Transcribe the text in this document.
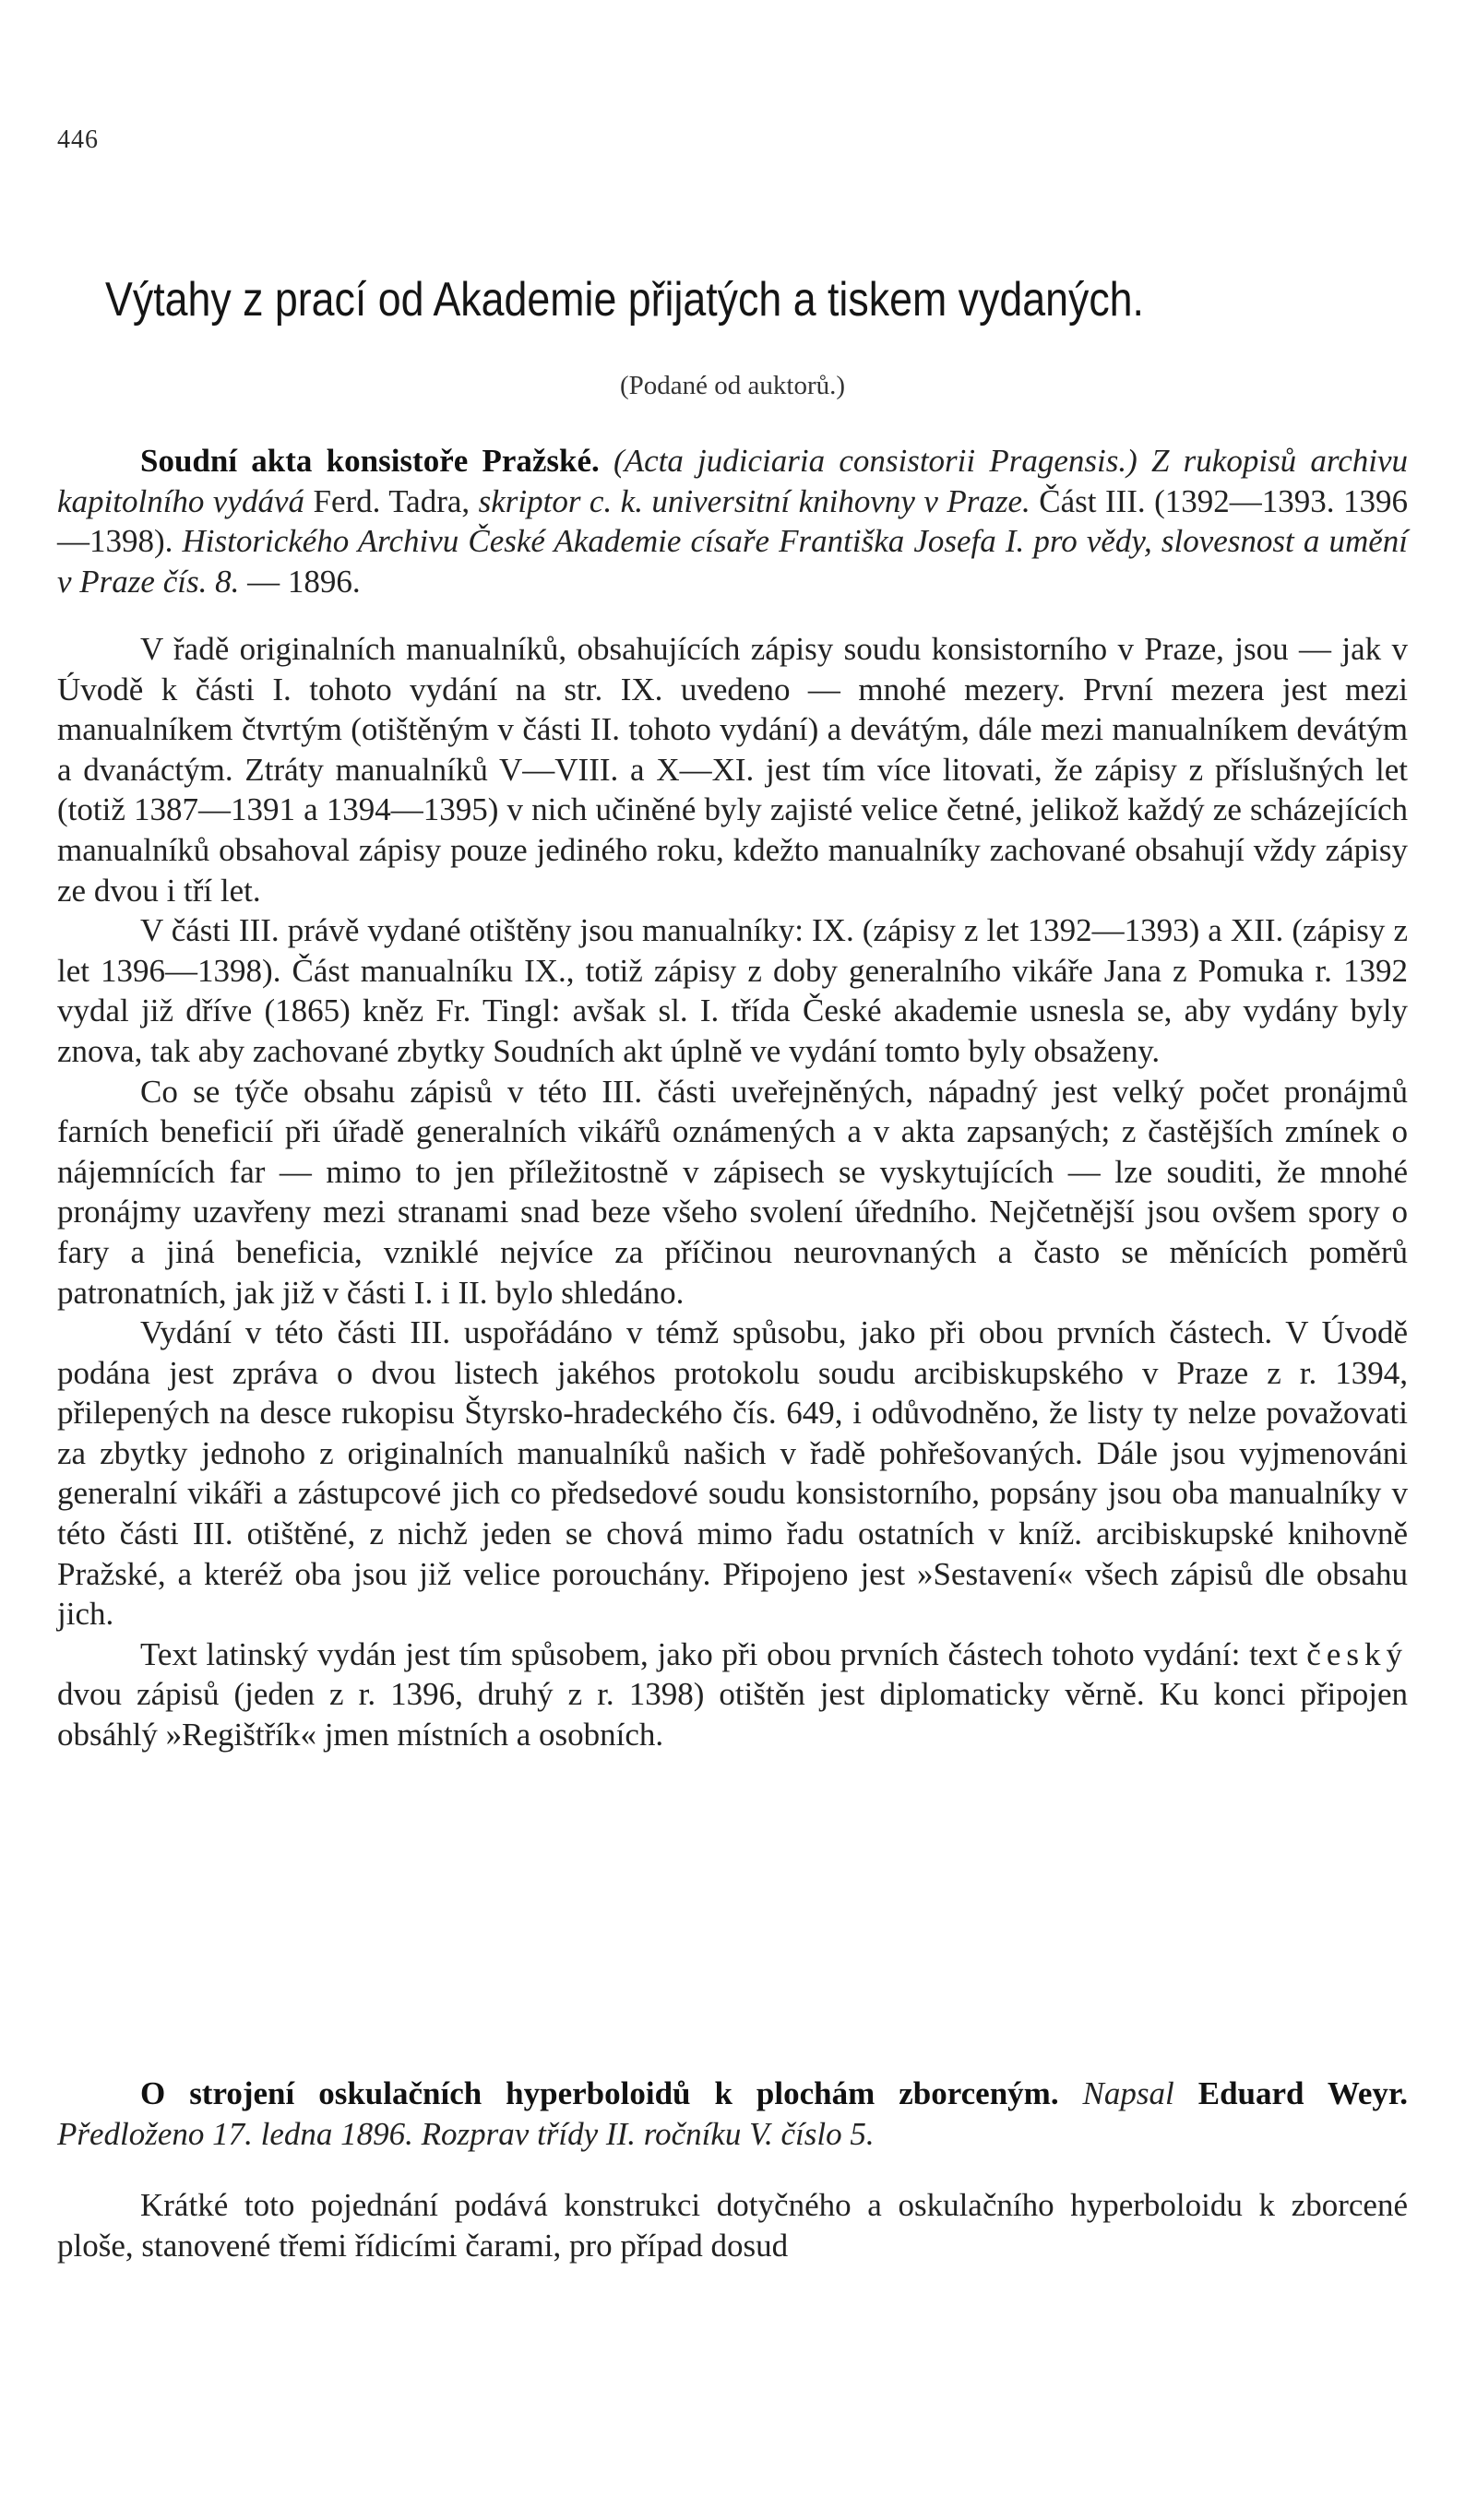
446
Výtahy z prací od Akademie přijatých a tiskem vydaných.
(Podané od auktorů.)
Soudní akta konsistoře Pražské. (Acta judiciaria consistorii Pragensis.) Z rukopisů archivu kapitolního vydává Ferd. Tadra, skriptor c. k. universitní knihovny v Praze. Část III. (1392—1393. 1396—1398). Historického Archivu České Akademie císaře Františka Josefa I. pro vědy, slovesnost a umění v Praze čís. 8. — 1896.

V řadě originalních manualníků, obsahujících zápisy soudu konsistorního v Praze, jsou — jak v Úvodě k části I. tohoto vydání na str. IX. uvedeno — mnohé mezery. První mezera jest mezi manualníkem čtvrtým (otištěným v části II. tohoto vydání) a devátým, dále mezi manualníkem devátým a dvanáctým. Ztráty manualníků V—VIII. a X—XI. jest tím více litovati, že zápisy z příslušných let (totiž 1387—1391 a 1394—1395) v nich učiněné byly zajisté velice četné, jelikož každý ze scházejících manualníků obsahoval zápisy pouze jediného roku, kdežto manualníky zachované obsahují vždy zápisy ze dvou i tří let.

V části III. právě vydané otištěny jsou manualníky: IX. (zápisy z let 1392—1393) a XII. (zápisy z let 1396—1398). Část manualníku IX., totiž zápisy z doby generalního vikáře Jana z Pomuka r. 1392 vydal již dříve (1865) kněz Fr. Tingl: avšak sl. I. třída České akademie usnesla se, aby vydány byly znova, tak aby zachované zbytky Soudních akt úplně ve vydání tomto byly obsaženy.

Co se týče obsahu zápisů v této III. části uveřejněných, nápadný jest velký počet pronájmů farních beneficií při úřadě generalních vikářů oznámených a v akta zapsaných; z častějších zmínek o nájemnících far — mimo to jen příležitostně v zápisech se vyskytujících — lze souditi, že mnohé pronájmy uzavřeny mezi stranami snad beze všeho svolení úředního. Nejčetnější jsou ovšem spory o fary a jiná beneficia, vzniklé nejvíce za příčinou neurovnaných a často se měnících poměrů patronatních, jak již v části I. i II. bylo shledáno.

Vydání v této části III. uspořádáno v témž spůsobu, jako při obou prvních částech. V Úvodě podána jest zpráva o dvou listech jakéhos protokolu soudu arcibiskupského v Praze z r. 1394, přilepených na desce rukopisu Štyrsko-hradeckého čís. 649, i odůvodněno, že listy ty nelze považovati za zbytky jednoho z originalních manualníků našich v řadě pohřešovaných. Dále jsou vyjmenováni generalní vikáři a zástupcové jich co předsedové soudu konsistorního, popsány jsou oba manualníky v této části III. otištěné, z nichž jeden se chová mimo řadu ostatních v kníž. arcibiskupské knihovně Pražské, a kteréž oba jsou již velice porouchány. Připojeno jest »Sestavení« všech zápisů dle obsahu jich.

Text latinský vydán jest tím spůsobem, jako při obou prvních částech tohoto vydání: text český dvou zápisů (jeden z r. 1396, druhý z r. 1398) otištěn jest diplomaticky věrně. Ku konci připojen obsáhlý »Regištřík« jmen místních a osobních.

O strojení oskulačních hyperboloidů k plochám zborceným. Napsal Eduard Weyr. Předloženo 17. ledna 1896. Rozprav třídy II. ročníku V. číslo 5.

Krátké toto pojednání podává konstrukci dotyčného a oskulačního hyperboloidu k zborcené ploše, stanovené třemi řídicími čarami, pro případ dosud
